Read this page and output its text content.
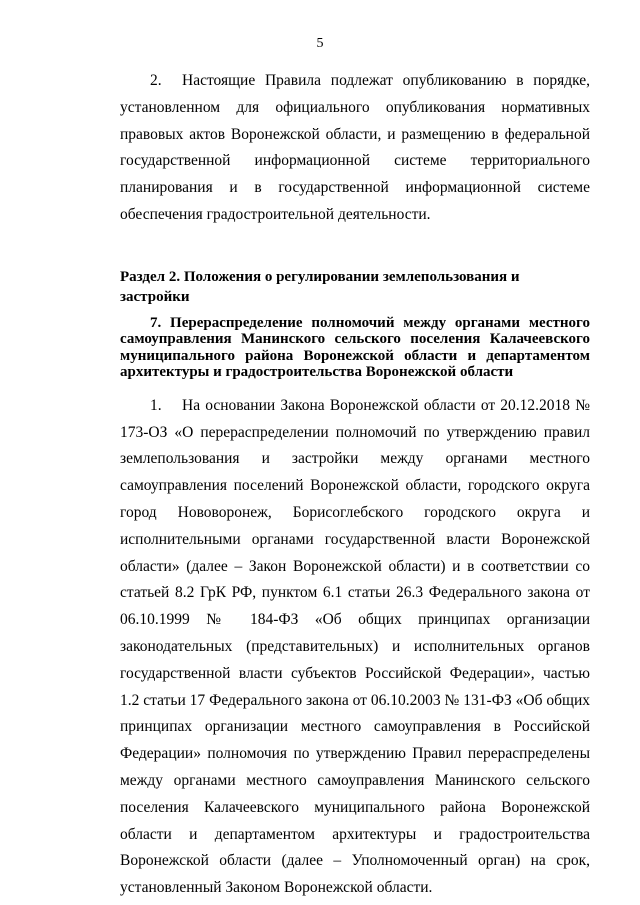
5

2. Настоящие Правила подлежат опубликованию в порядке, установленном для официального опубликования нормативных правовых актов Воронежской области, и размещению в федеральной государственной информационной системе территориального планирования и в государственной информационной системе обеспечения градостроительной деятельности.

Раздел 2. Положения о регулировании землепользования и застройки
7. Перераспределение полномочий между органами местного самоуправления Манинского сельского поселения Калачеевского муниципального района Воронежской области и департаментом архитектуры и градостроительства Воронежской области

1. На основании Закона Воронежской области от 20.12.2018 № 173-ОЗ «О перераспределении полномочий по утверждению правил землепользования и застройки между органами местного самоуправления поселений Воронежской области, городского округа город Нововоронеж, Борисоглебского городского округа и исполнительными органами государственной власти Воронежской области» (далее – Закон Воронежской области) и в соответствии со статьей 8.2 ГрК РФ, пунктом 6.1 статьи 26.3 Федерального закона от 06.10.1999 № 184-ФЗ «Об общих принципах организации законодательных (представительных) и исполнительных органов государственной власти субъектов Российской Федерации», частью 1.2 статьи 17 Федерального закона от 06.10.2003 № 131-ФЗ «Об общих принципах организации местного самоуправления в Российской Федерации» полномочия по утверждению Правил перераспределены между органами местного самоуправления Манинского сельского поселения Калачеевского муниципального района Воронежской области и департаментом архитектуры и градостроительства Воронежской области (далее – Уполномоченный орган) на срок, установленный Законом Воронежской области.
